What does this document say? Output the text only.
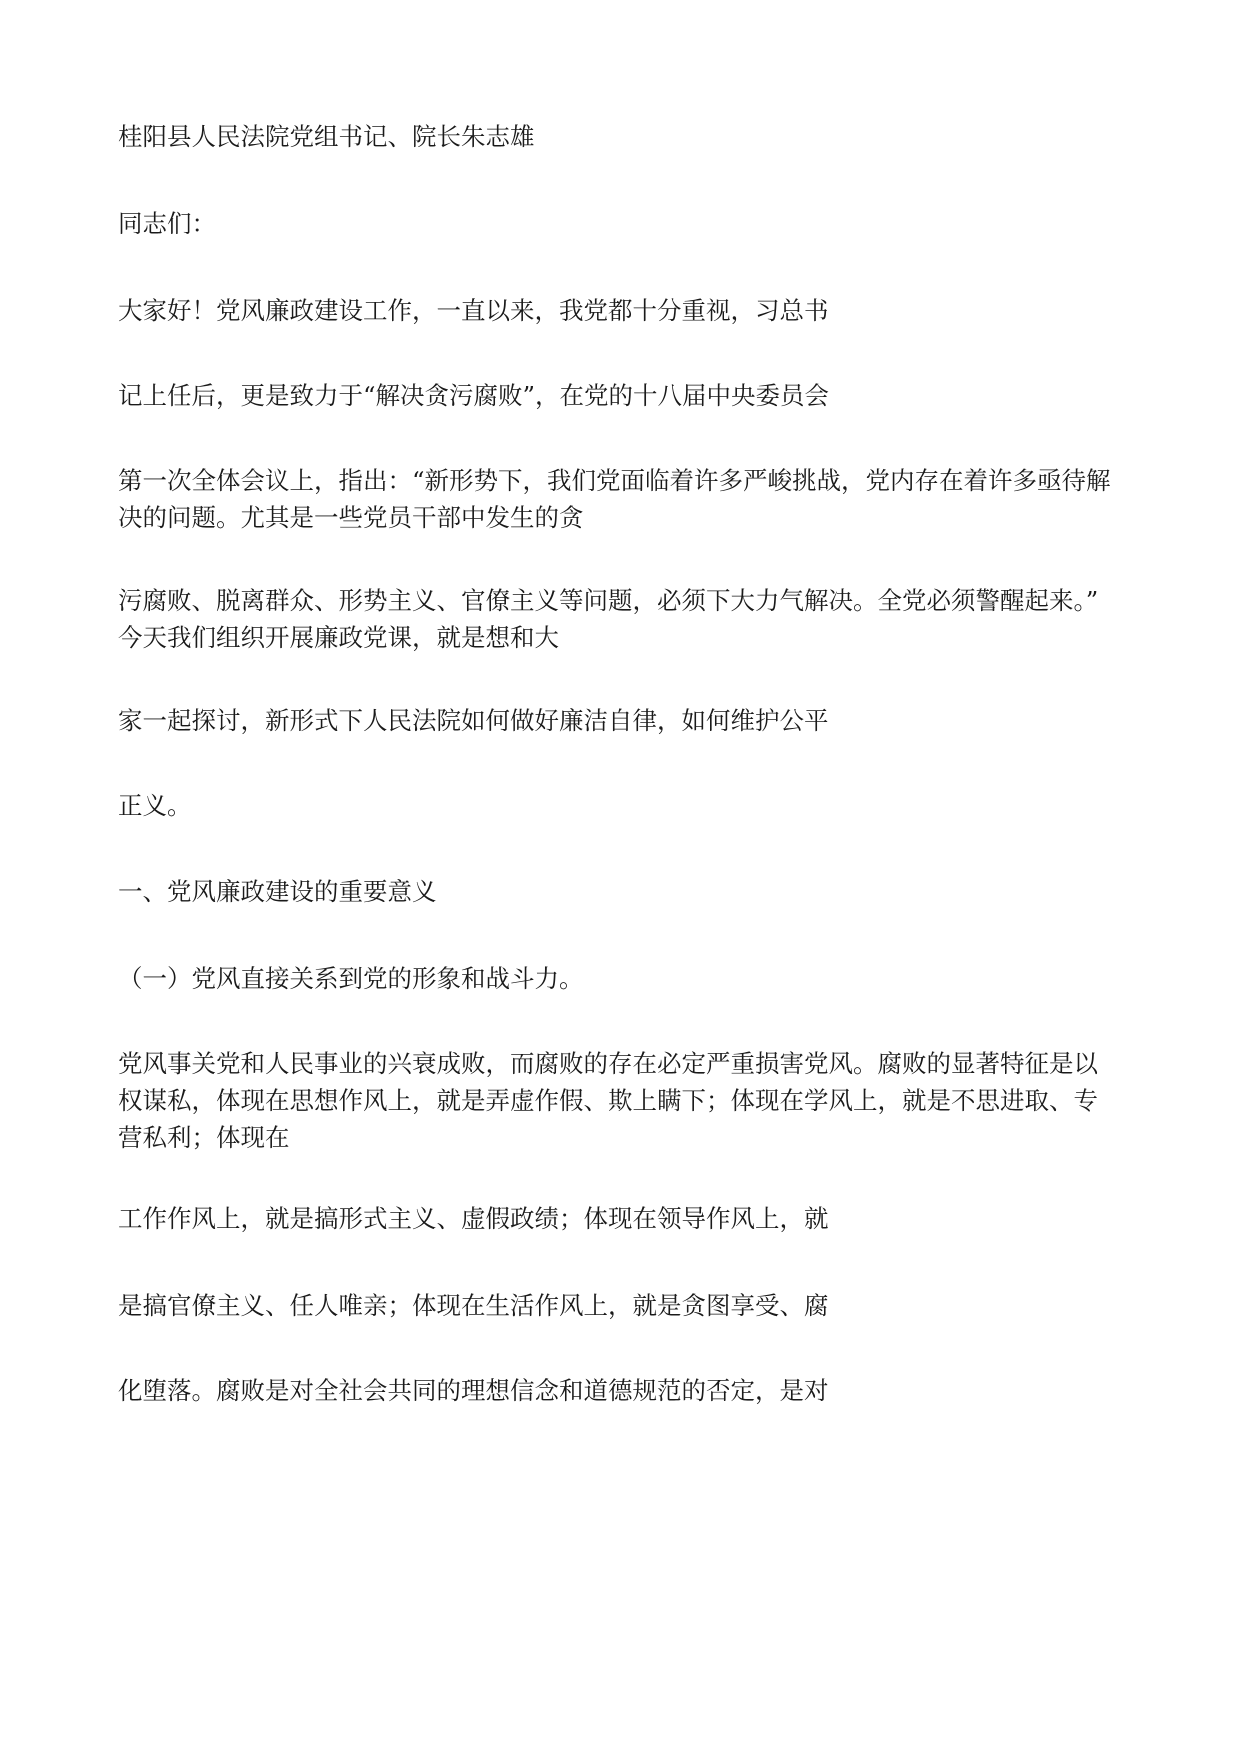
桂阳县人民法院党组书记、院长朱志雄

同志们：

大家好！党风廉政建设工作，一直以来，我党都十分重视，习总书

记上任后，更是致力于“解决贪污腐败”，在党的十八届中央委员会

第一次全体会议上，指出：“新形势下，我们党面临着许多严峻挑战，党内存在着许多亟待解
决的问题。尤其是一些党员干部中发生的贪

污腐败、脱离群众、形势主义、官僚主义等问题，必须下大力气解决。全党必须警醒起来。”
今天我们组织开展廉政党课，就是想和大

家一起探讨，新形式下人民法院如何做好廉洁自律，如何维护公平

正义。

一、党风廉政建设的重要意义

（一）党风直接关系到党的形象和战斗力。

党风事关党和人民事业的兴衰成败，而腐败的存在必定严重损害党风。腐败的显著特征是以
权谋私，体现在思想作风上，就是弄虚作假、欺上瞒下；体现在学风上，就是不思进取、专
营私利；体现在

工作作风上，就是搞形式主义、虚假政绩；体现在领导作风上，就

是搞官僚主义、任人唯亲；体现在生活作风上，就是贪图享受、腐

化堕落。腐败是对全社会共同的理想信念和道德规范的否定，是对
